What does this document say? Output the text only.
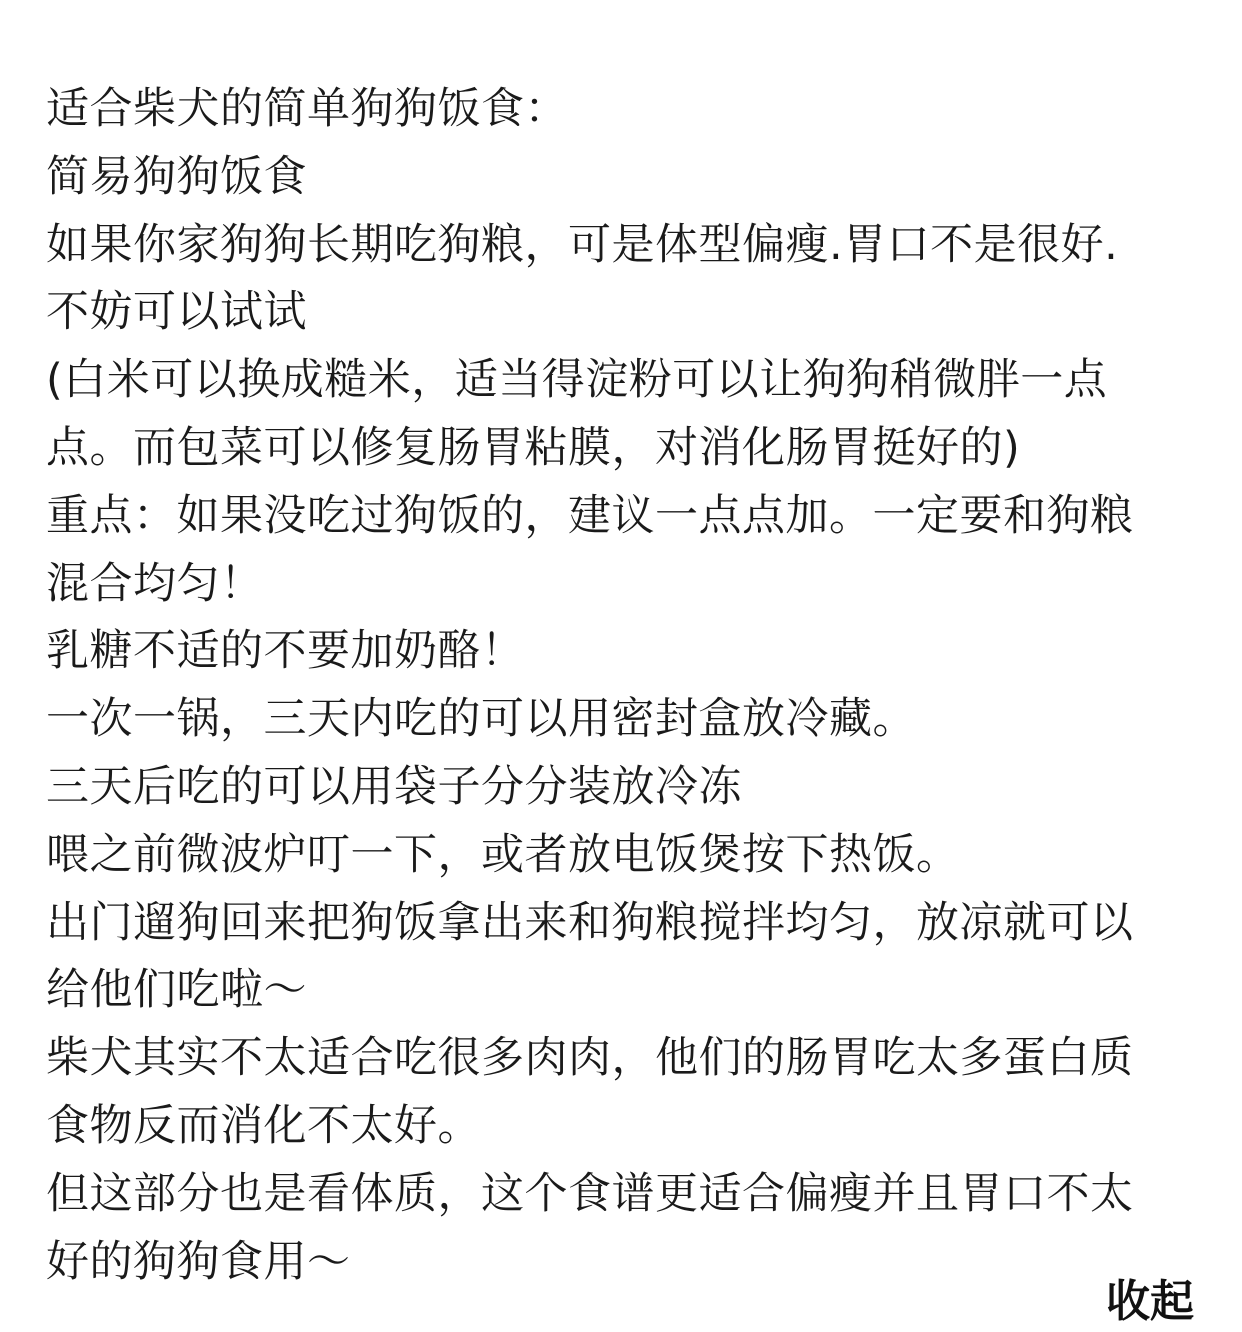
适合柴犬的简单狗狗饭食：
简易狗狗饭食
如果你家狗狗长期吃狗粮，可是体型偏瘦.胃口不是很好.
不妨可以试试
(白米可以换成糙米，适当得淀粉可以让狗狗稍微胖一点
点。而包菜可以修复肠胃粘膜，对消化肠胃挺好的)
重点：如果没吃过狗饭的，建议一点点加。一定要和狗粮
混合均匀！
乳糖不适的不要加奶酪！
一次一锅，三天内吃的可以用密封盒放冷藏。
三天后吃的可以用袋子分分装放冷冻
喂之前微波炉叮一下，或者放电饭煲按下热饭。
出门遛狗回来把狗饭拿出来和狗粮搅拌均匀，放凉就可以
给他们吃啦～
柴犬其实不太适合吃很多肉肉，他们的肠胃吃太多蛋白质
食物反而消化不太好。
但这部分也是看体质，这个食谱更适合偏瘦并且胃口不太
好的狗狗食用～
收起
